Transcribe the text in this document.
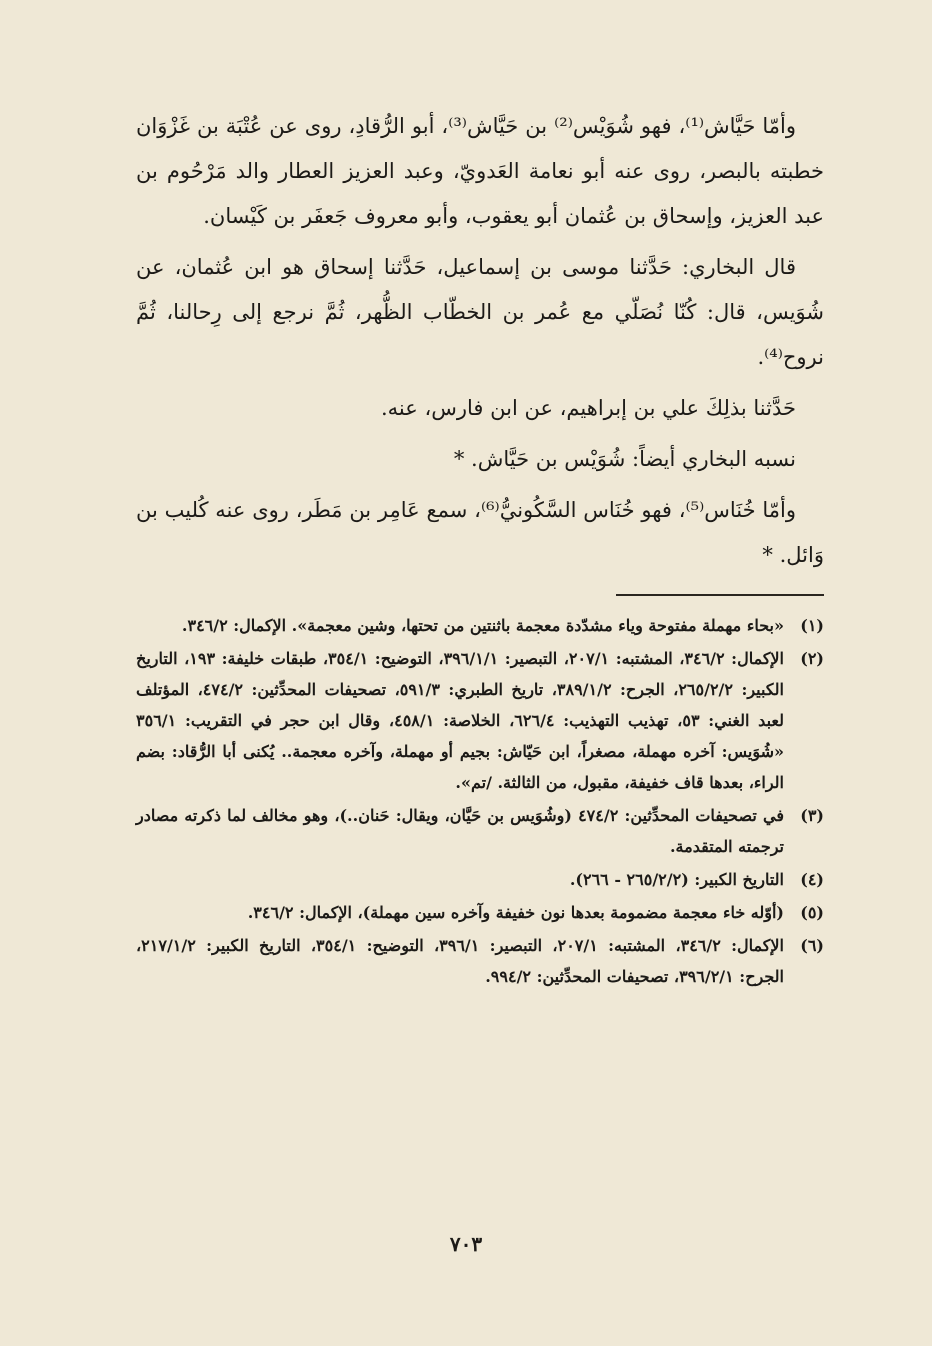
وأمّا حَيَّاش⁽¹⁾، فهو شُوَيْس⁽²⁾ بن حَيَّاش⁽³⁾، أبو الرُّقادِ، روى عن عُتْبَة بن غَزْوَان خطبته بالبصر، روى عنه أبو نعامة العَدويّ، وعبد العزيز العطار والد مَرْحُوم بن عبد العزيز، وإسحاق بن عُثمان أبو يعقوب، وأبو معروف جَعفَر بن كَيْسان.

قال البخاري: حَدَّثنا موسى بن إسماعيل، حَدَّثنا إسحاق هو ابن عُثمان، عن شُوَيس، قال: كُنّا نُصَلّي مع عُمر بن الخطّاب الظُّهر، ثُمَّ نرجع إلى رِحالنا، ثُمَّ نروح⁽⁴⁾.

حَدَّثنا بذلِكَ علي بن إبراهيم، عن ابن فارس، عنه.

نسبه البخاري أيضاً: شُوَيْس بن حَيَّاش. *

وأمّا خُنَاس⁽⁵⁾، فهو خُنَاس السَّكُونيُّ⁽⁶⁾، سمع عَامِر بن مَطَر، روى عنه كُليب بن وَائل. *

(١)
«بحاء مهملة مفتوحة وياء مشدّدة معجمة باثنتين من تحتها، وشين معجمة». الإكمال: ٣٤٦/٢.
(٢)
الإكمال: ٣٤٦/٢، المشتبه: ٢٠٧/١، التبصير: ٣٩٦/١/١، التوضيح: ٣٥٤/١، طبقات خليفة: ١٩٣، التاريخ الكبير: ٢٦٥/٢/٢، الجرح: ٣٨٩/١/٢، تاريخ الطبري: ٥٩١/٣، تصحيفات المحدِّثين: ٤٧٤/٢، المؤتلف لعبد الغني: ٥٣، تهذيب التهذيب: ٦٢٦/٤، الخلاصة: ٤٥٨/١، وقال ابن حجر في التقريب: ٣٥٦/١ «شُوَيس: آخره مهملة، مصغراً، ابن حَيّاش: بجيم أو مهملة، وآخره معجمة.. يُكنى أبا الرُّقاد: بضم الراء، بعدها قاف خفيفة، مقبول، من الثالثة. /تم».
(٣)
في تصحيفات المحدِّثين: ٤٧٤/٢ (وشُوَيس بن حَيَّان، ويقال: حَنان..)، وهو مخالف لما ذكرته مصادر ترجمته المتقدمة.
(٤)
التاريخ الكبير: (٢٦٥/٢/٢ - ٢٦٦).
(٥)
(أوّله خاء معجمة مضمومة بعدها نون خفيفة وآخره سين مهملة)، الإكمال: ٣٤٦/٢.
(٦)
الإكمال: ٣٤٦/٢، المشتبه: ٢٠٧/١، التبصير: ٣٩٦/١، التوضيح: ٣٥٤/١، التاريخ الكبير: ٢١٧/١/٢، الجرح: ٣٩٦/٢/١، تصحيفات المحدِّثين: ٩٩٤/٢.
٧٠٣
